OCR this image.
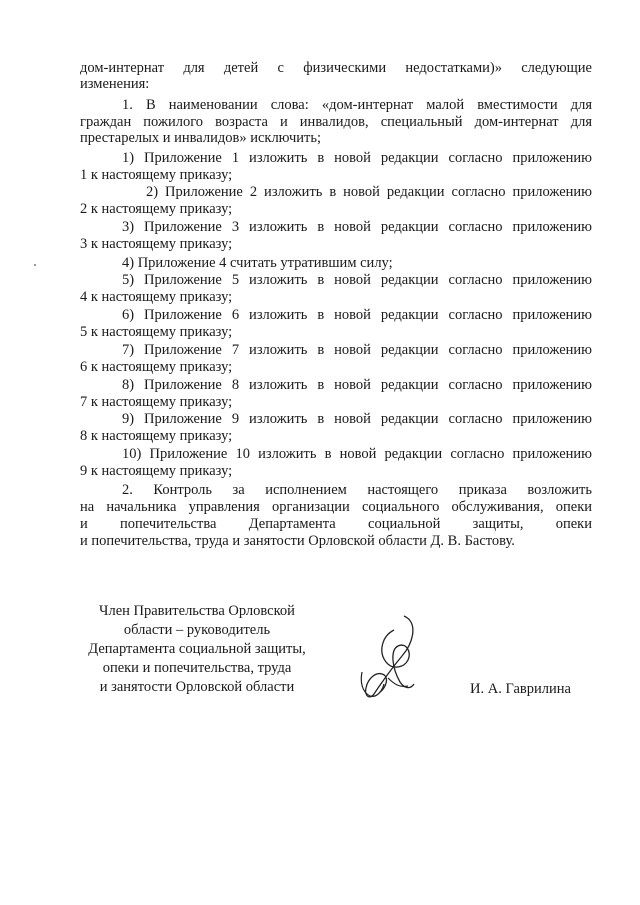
дом-интернат для детей с физическими недостатками)» следующие
изменения:
1. В наименовании слова: «дом-интернат малой вместимости для
граждан пожилого возраста и инвалидов, специальный дом-интернат для
престарелых и инвалидов» исключить;
1) Приложение 1 изложить в новой редакции согласно приложению
1 к настоящему приказу;
2) Приложение 2 изложить в новой редакции согласно приложению
2 к настоящему приказу;
3) Приложение 3 изложить в новой редакции согласно приложению
3 к настоящему приказу;
4) Приложение 4 считать утратившим силу;
5) Приложение 5 изложить в новой редакции согласно приложению
4 к настоящему приказу;
6) Приложение 6 изложить в новой редакции согласно приложению
5 к настоящему приказу;
7) Приложение 7 изложить в новой редакции согласно приложению
6 к настоящему приказу;
8) Приложение 8 изложить в новой редакции согласно приложению
7 к настоящему приказу;
9) Приложение 9 изложить в новой редакции согласно приложению
8 к настоящему приказу;
10) Приложение 10 изложить в новой редакции согласно приложению
9 к настоящему приказу;
2. Контроль за исполнением настоящего приказа возложить
на начальника управления организации социального обслуживания, опеки
и попечительства Департамента социальной защиты, опеки
и попечительства, труда и занятости Орловской области Д. В. Бастову.
Член Правительства Орловской
области – руководитель
Департамента социальной защиты,
опеки и попечительства, труда
и занятости Орловской области	И. А. Гаврилина
